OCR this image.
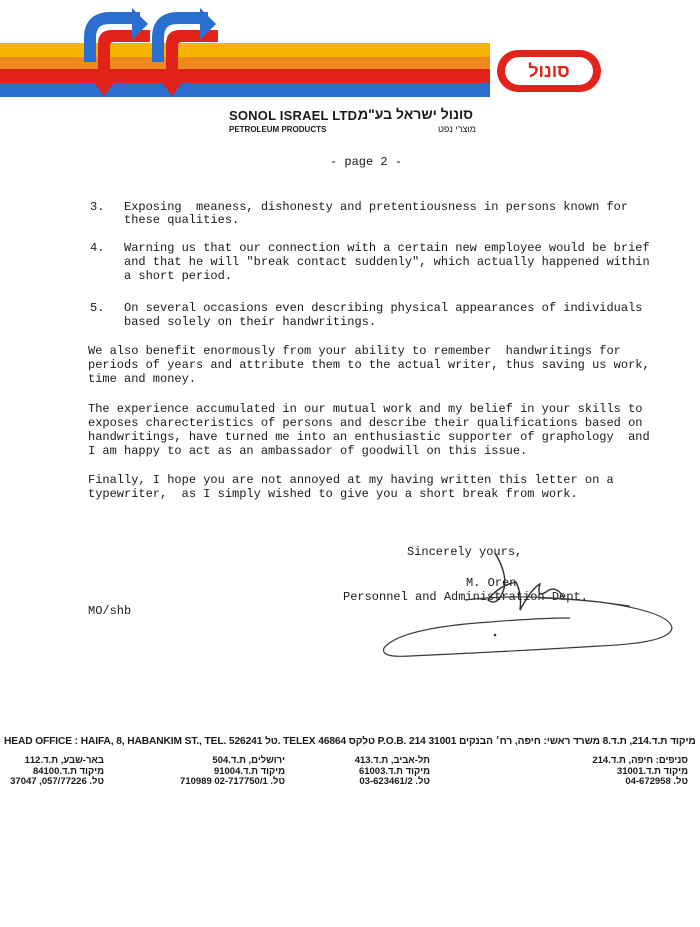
סונול
SONOL ISRAEL LTD.
סונול ישראל בע"מ
PETROLEUM PRODUCTS	מוצרי נפט
- page 2 -
3. Exposing  meaness, dishonesty and pretentiousness in persons known for
these qualities.
4. Warning us that our connection with a certain new employee would be brief
and that he will "break contact suddenly", which actually happened within
a short period.
5. On several occasions even describing physical appearances of individuals
based solely on their handwritings.
We also benefit enormously from your ability to remember  handwritings for
periods of years and attribute them to the actual writer, thus saving us work,
time and money.
The experience accumulated in our mutual work and my belief in your skills to
exposes charecteristics of persons and describe their qualifications based on
handwritings, have turned me into an enthusiastic supporter of graphology  and
I am happy to act as an ambassador of goodwill on this issue.
Finally, I hope you are not annoyed at my having written this letter on a
typewriter,  as I simply wished to give you a short break from work.
Sincerely yours,
M. Oren
Personnel and Administration Dept.
MO/shb
HEAD OFFICE : HAIFA, 8, HABANKIM ST., TEL. 526241 טל. TELEX 46864 טלקס P.O.B. 214 31001 מיקוד ת.ד.214, ת.ד.8 משרד ראשי: חיפה, רח׳ הבנקים
סניפים: חיפה, ת.ד.214
מיקוד ת.ד.31001
טל. 04-672958
תל-אביב, ת.ד.413
מיקוד ת.ד.61003
טל. 03-623461/2
ירושלים, ת.ד.504
מיקוד ת.ד.91004
טל. 02-717750/1 710989
באר-שבע, ת.ד.112
מיקוד ת.ד.84100
טל. 057/77226, 37047
